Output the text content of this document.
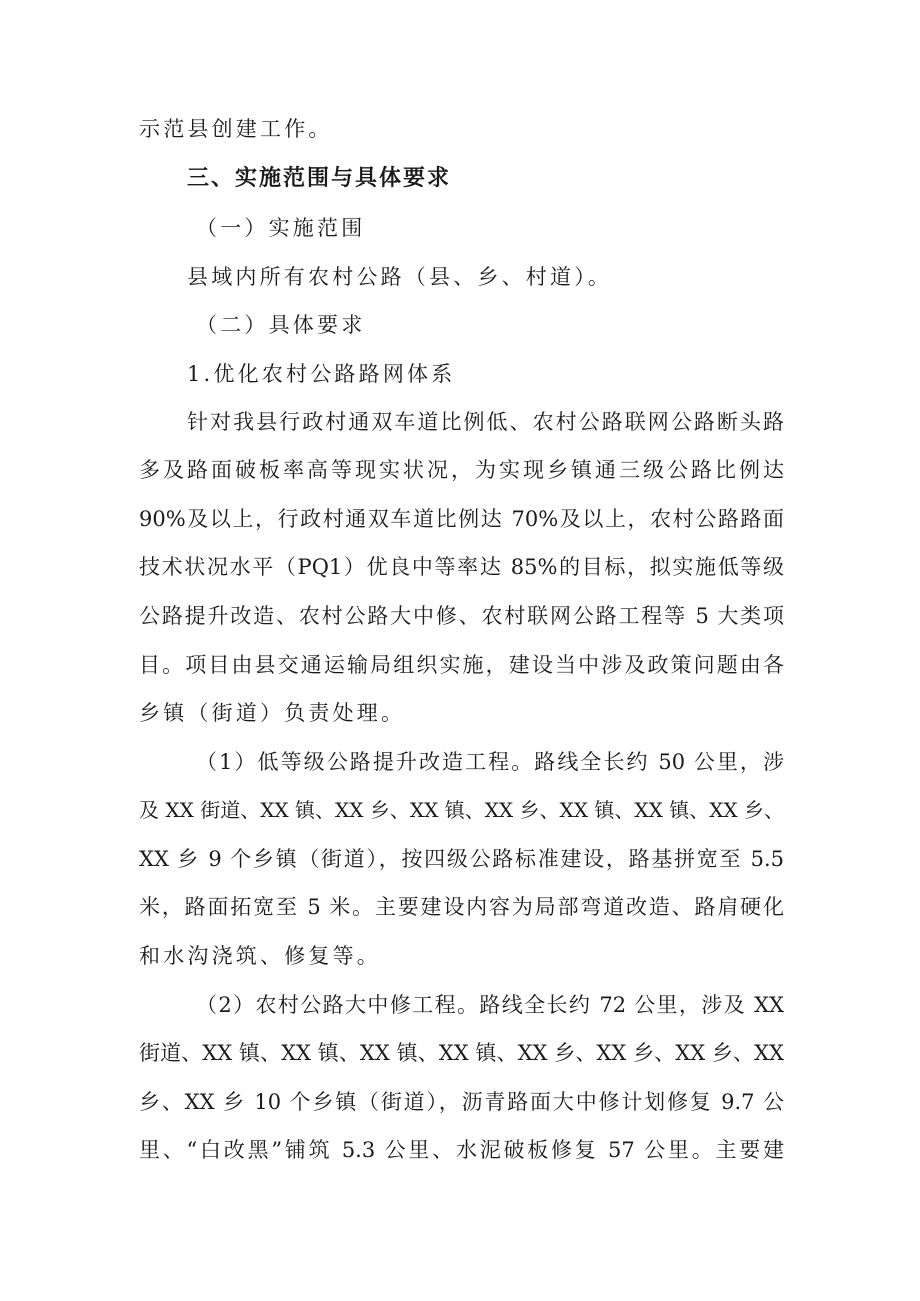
示范县创建工作。
三、实施范围与具体要求
（一）实施范围
县域内所有农村公路（县、乡、村道）。
（二）具体要求
1.优化农村公路路网体系
针对我县行政村通双车道比例低、农村公路联网公路断头路
多及路面破板率高等现实状况，为实现乡镇通三级公路比例达
90%及以上，行政村通双车道比例达 70%及以上，农村公路路面
技术状况水平（PQ1）优良中等率达 85%的目标，拟实施低等级
公路提升改造、农村公路大中修、农村联网公路工程等 5 大类项
目。项目由县交通运输局组织实施，建设当中涉及政策问题由各
乡镇（街道）负责处理。
（1）低等级公路提升改造工程。路线全长约 50 公里，涉
及 XX 街道、XX 镇、XX 乡、XX 镇、XX 乡、XX 镇、XX 镇、XX 乡、
XX 乡 9 个乡镇（街道），按四级公路标准建设，路基拼宽至 5.5
米，路面拓宽至 5 米。主要建设内容为局部弯道改造、路肩硬化
和水沟浇筑、修复等。
（2）农村公路大中修工程。路线全长约 72 公里，涉及 XX
街道、XX 镇、XX 镇、XX 镇、XX 镇、XX 乡、XX 乡、XX 乡、XX
乡、XX 乡 10 个乡镇（街道），沥青路面大中修计划修复 9.7 公
里、“白改黑”铺筑 5.3 公里、水泥破板修复 57 公里。主要建
